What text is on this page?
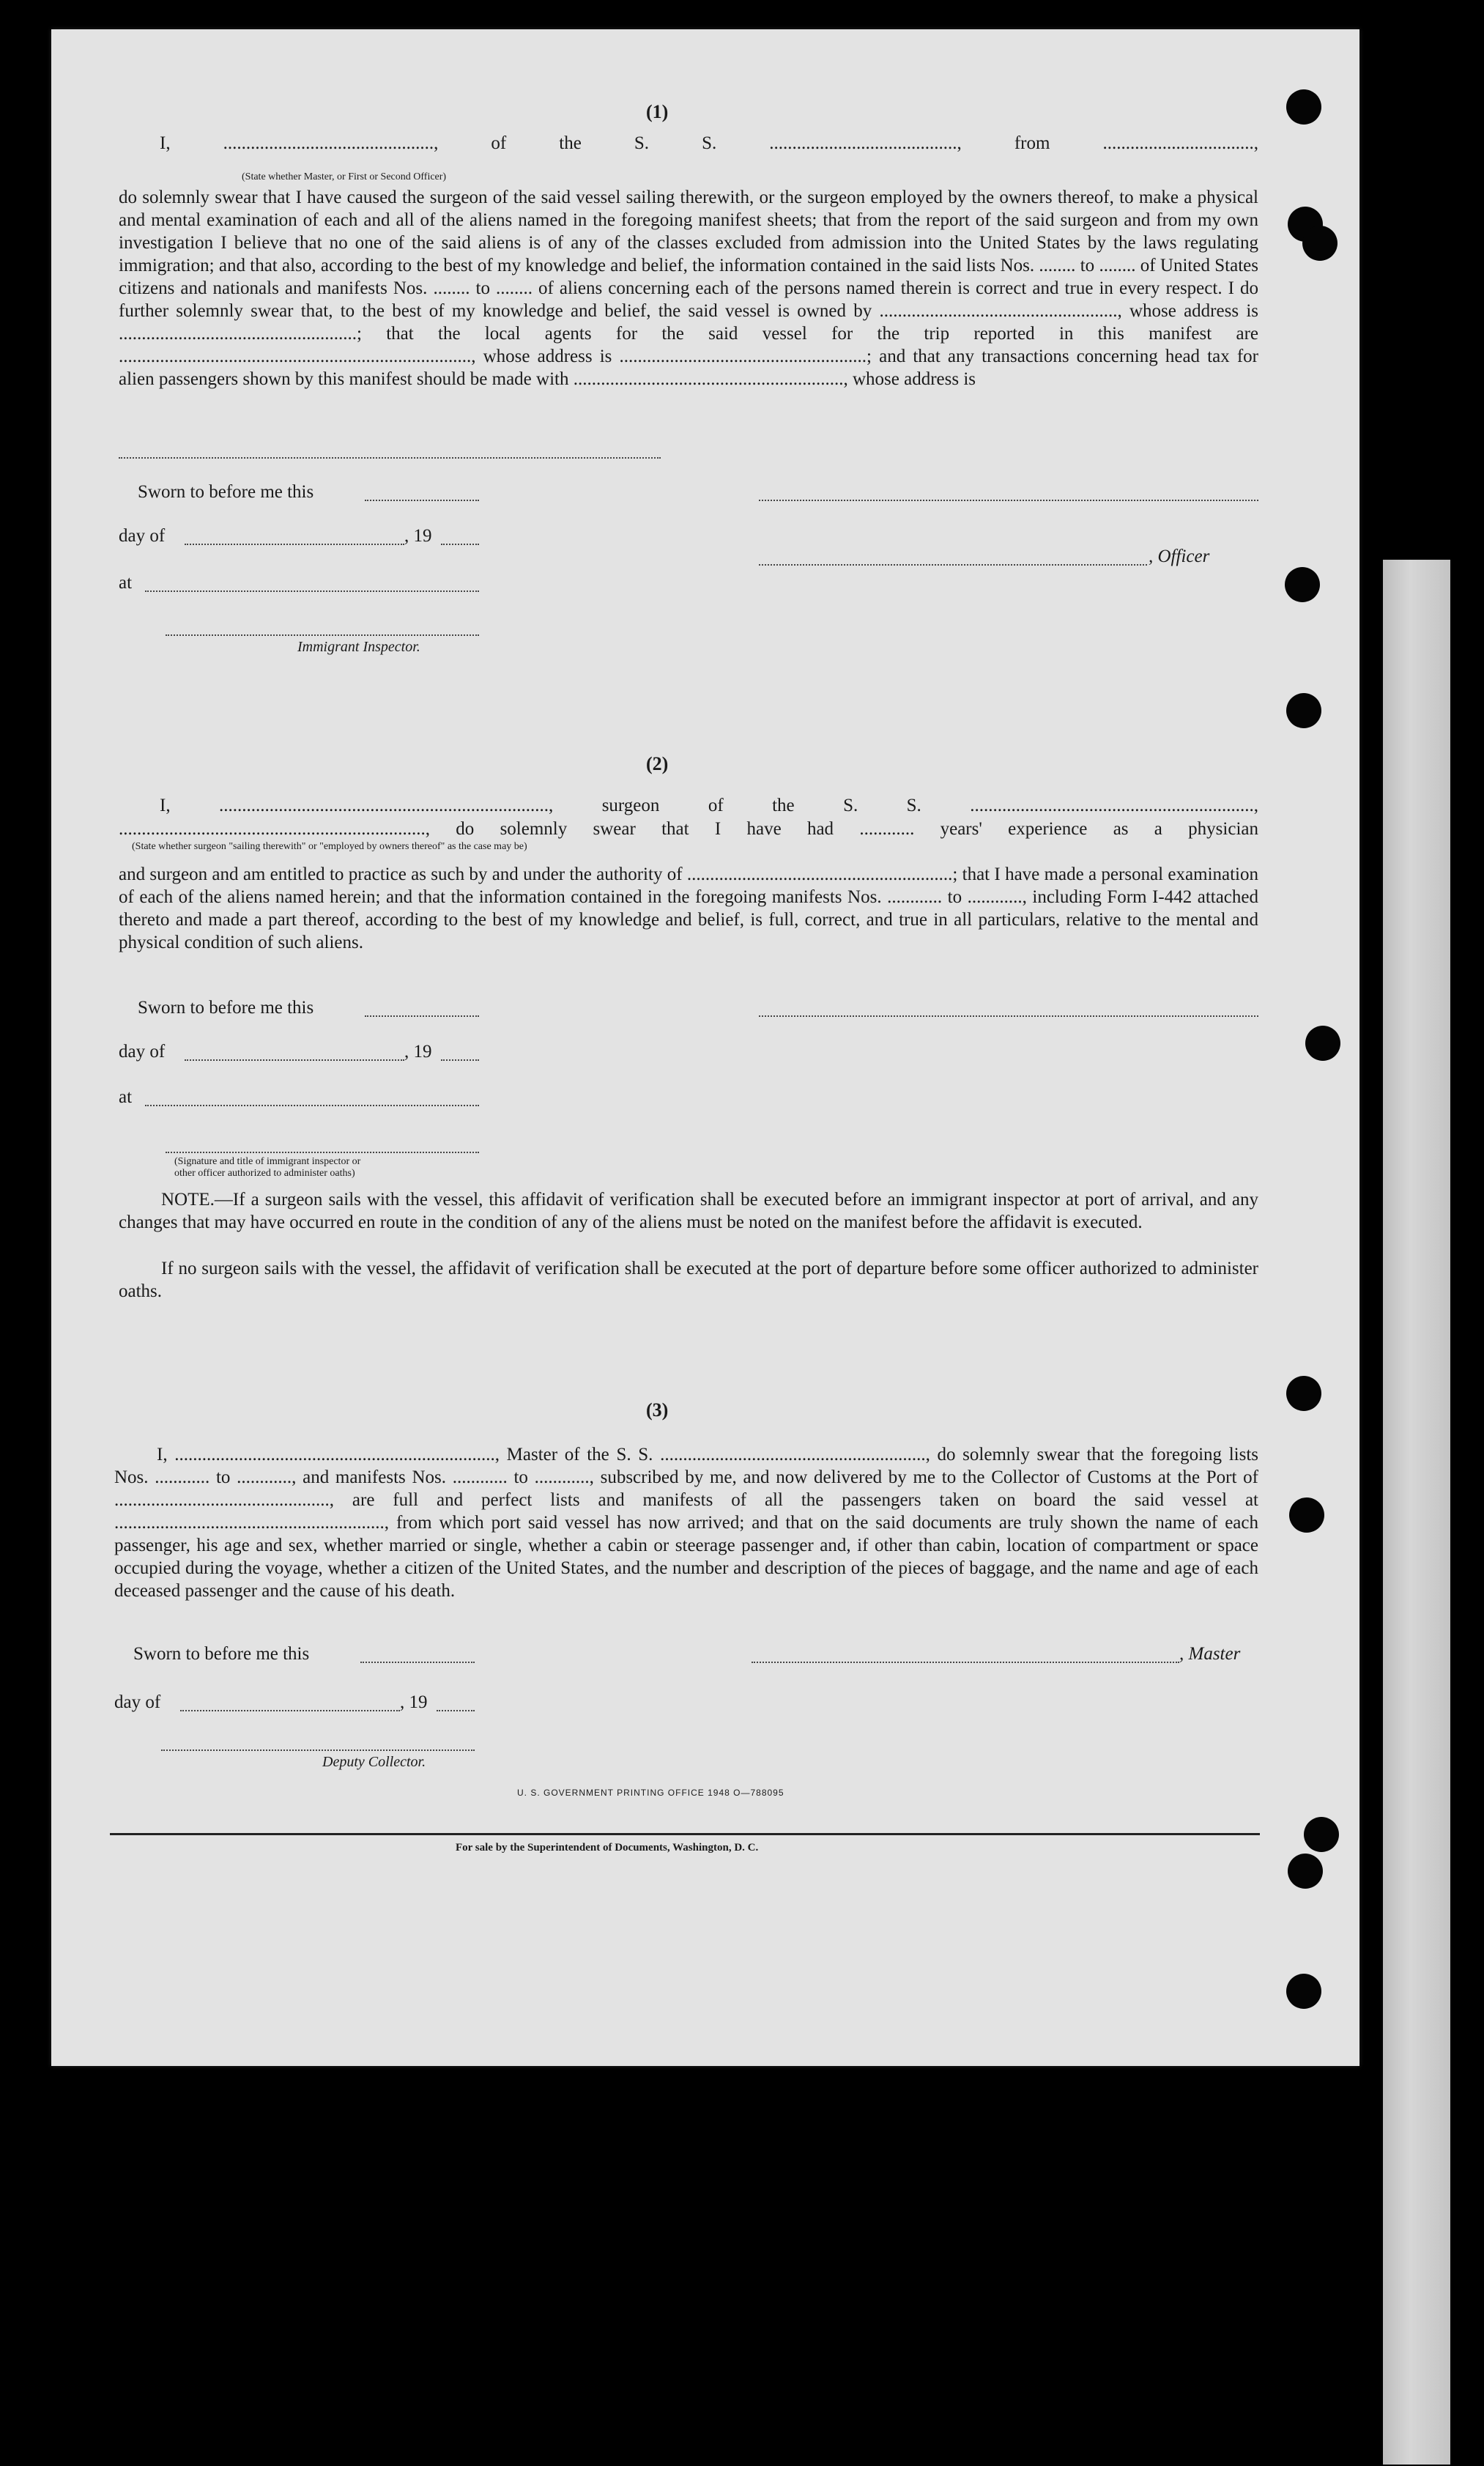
(1)

I, .............................................., of the S. S. ........................................., from .................................,

(State whether Master, or First or Second Officer)

do solemnly swear that I have caused the surgeon of the said vessel sailing therewith, or the surgeon employed by the owners thereof, to make a physical and mental examination of each and all of the aliens named in the foregoing manifest sheets; that from the report of the said surgeon and from my own investigation I believe that no one of the said aliens is of any of the classes excluded from admission into the United States by the laws regulating immigration; and that also, according to the best of my knowledge and belief, the information contained in the said lists Nos. ........ to ........ of United States citizens and nationals and manifests Nos. ........ to ........ of aliens concerning each of the persons named therein is correct and true in every respect. I do further solemnly swear that, to the best of my knowledge and belief, the said vessel is owned by ...................................................., whose address is ....................................................; that the local agents for the said vessel for the trip reported in this manifest are ............................................................................., whose address is ......................................................; and that any transactions concerning head tax for alien passengers shown by this manifest should be made with ..........................................................., whose address is

Sworn to before me this
day of	, 19
, Officer
at
Immigrant Inspector.
(2)

I, ........................................................................, surgeon of the S. S. ..............................................................,

..................................................................., do solemnly swear that I have had ............ years' experience as a physician

(State whether surgeon "sailing therewith" or "employed by owners thereof" as the case may be)

and surgeon and am entitled to practice as such by and under the authority of ..........................................................; that I have made a personal examination of each of the aliens named herein; and that the information contained in the foregoing manifests Nos. ............ to ............, including Form I-442 attached thereto and made a part thereof, according to the best of my knowledge and belief, is full, correct, and true in all particulars, relative to the mental and physical condition of such aliens.

Sworn to before me this
day of	, 19
at
(Signature and title of immigrant inspector or
other officer authorized to administer oaths)

NOTE.—If a surgeon sails with the vessel, this affidavit of verification shall be executed before an immigrant inspector at port of arrival, and any changes that may have occurred en route in the condition of any of the aliens must be noted on the manifest before the affidavit is executed.

If no surgeon sails with the vessel, the affidavit of verification shall be executed at the port of departure before some officer authorized to administer oaths.

(3)

I, ......................................................................, Master of the S. S. .........................................................., do solemnly swear that the foregoing lists Nos. ............ to ............, and manifests Nos. ............ to ............, subscribed by me, and now delivered by me to the Collector of Customs at the Port of ..............................................., are full and perfect lists and manifests of all the passengers taken on board the said vessel at ..........................................................., from which port said vessel has now arrived; and that on the said documents are truly shown the name of each passenger, his age and sex, whether married or single, whether a cabin or steerage passenger and, if other than cabin, location of compartment or space occupied during the voyage, whether a citizen of the United States, and the number and description of the pieces of baggage, and the name and age of each deceased passenger and the cause of his death.

Sworn to before me this	, Master
day of	, 19
Deputy Collector.
U. S. GOVERNMENT PRINTING OFFICE 1948 O—788095
For sale by the Superintendent of Documents, Washington, D. C.
